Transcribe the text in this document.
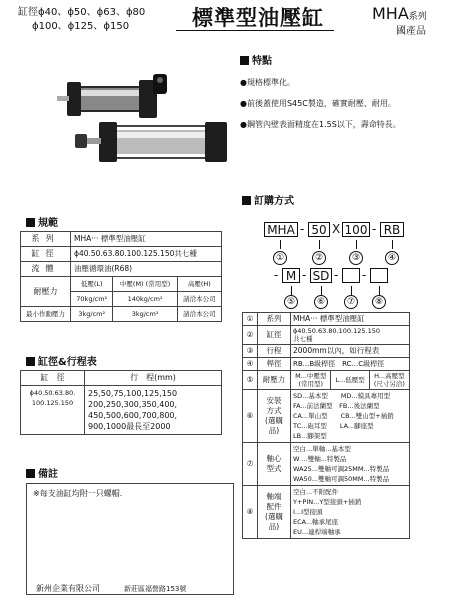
缸徑ϕ40、ϕ50、ϕ63、ϕ80
ϕ100、ϕ125、ϕ150	標準型油壓缸	MHA系列
國產品
特點
●規格標準化。
●前後蓋使用S45C製造，確實耐壓、耐用。
●鋼管內壁表面精度在1.5S以下，壽命特長。
規範
系列	MHA··· 標準型油壓缸		
缸徑	ϕ40.50.63.80.100.125.150共七種		
流體	油壓循環油(R68)		
耐壓力	低壓(L)	中壓(M) (常用型)	高壓(H)
	70kg/cm²	140kg/cm²	請洽本公司
最小作動壓力	3kg/cm²	3kg/cm²	請洽本公司
缸徑&行程表
缸　徑	行　程(mm)
ϕ40.50.63.80.
100.125.150	25,50,75,100,125,150
200,250,300,350,400,
450,500,600,700,800,
900,1000最長至2000
備註
※每支油缸均附一只螺帽.
訂購方式
MHA - 50 X 100 - RB
①	②	③	④
- M - SD - -
⑤	⑥	⑦	⑧
①	系列	MHA··· 標準型油壓缸		
②	缸徑	ϕ40.50.63.80.100.125.150
共七種		
③	行程	2000mm以內，如行程表		
④	桿徑	RB...B級桿徑　RC...C級桿徑		
⑤	耐壓力	M...中壓型
(常用型)	L...低壓型	H...高壓型
(尺寸另洽)
⑥	安裝
方式
(選購品)	SD...基本型　　MD...模具專用型
FA...前法蘭型　FB...後法蘭型
CA...單山型　　CB...雙山型+插銷
TC...砲耳型　　LA...腳座型
LB...腳架型		
⑦	軸心
型式	空白...單軸...基本型
W ...雙軸...特製品
WA25...雙軸可調25MM...特製品
WA50...雙軸可調50MM...特製品		
⑧	軸端
配件
(選購品)	空白...不附配件
Y+PIN...Y型接頭+插銷
I...I型接頭
ECA...軸承尾座
EU...連桿端軸承		
新州企業有限公司	新莊區福營路153號
